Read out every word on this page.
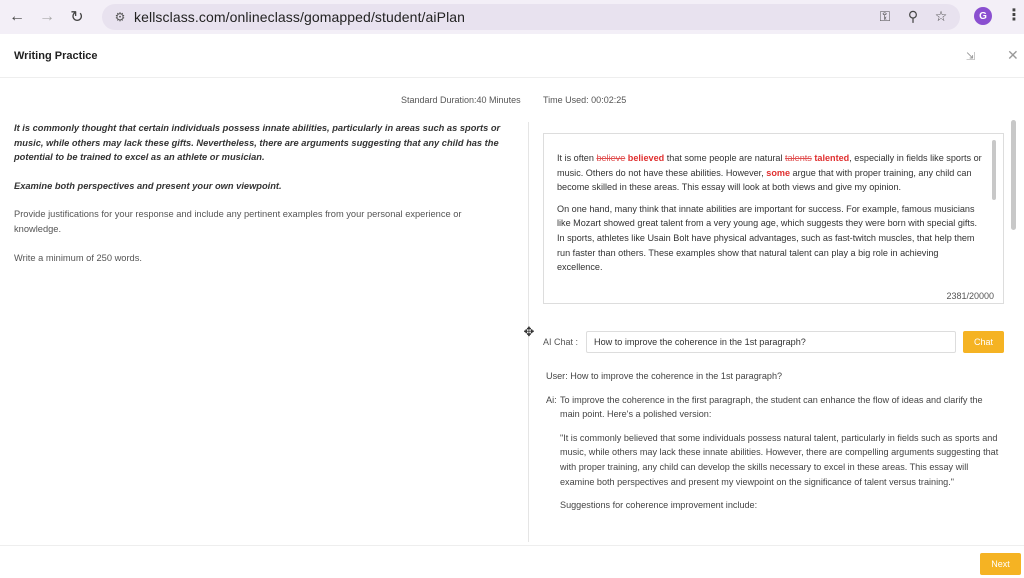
← → ↻	⚙ kellsclass.com/onlineclass/gomapped/student/aiPlan	⚿ ⚲ ☆	G	⋮
Writing Practice	⇲ ✕
Standard Duration:40 Minutes Time Used: 00:02:25

It is commonly thought that certain individuals possess innate abilities, particularly in areas such as sports or music, while others may lack these gifts. Nevertheless, there are arguments suggesting that any child has the potential to be trained to excel as an athlete or musician.

Examine both perspectives and present your own viewpoint.

Provide justifications for your response and include any pertinent examples from your personal experience or knowledge.

Write a minimum of 250 words.

✥

It is often believe believed that some people are natural talents talented, especially in fields like sports or music. Others do not have these abilities. However, some argue that with proper training, any child can become skilled in these areas. This essay will look at both views and give my opinion.

On one hand, many think that innate abilities are important for success. For example, famous musicians like Mozart showed great talent from a very young age, which suggests they were born with special gifts. In sports, athletes like Usain Bolt have physical advantages, such as fast-twitch muscles, that help them run faster than others. These examples show that natural talent can play a big role in achieving excellence.

2381/20000
AI Chat :
How to improve the coherence in the 1st paragraph?	Chat
User: How to improve the coherence in the 1st paragraph?
Ai: To improve the coherence in the first paragraph, the student can enhance the flow of ideas and clarify the main point. Here's a polished version:

"It is commonly believed that some individuals possess natural talent, particularly in fields such as sports and music, while others may lack these innate abilities. However, there are compelling arguments suggesting that with proper training, any child can develop the skills necessary to excel in these areas. This essay will examine both perspectives and present my viewpoint on the significance of talent versus training."

Suggestions for coherence improvement include:

Next
